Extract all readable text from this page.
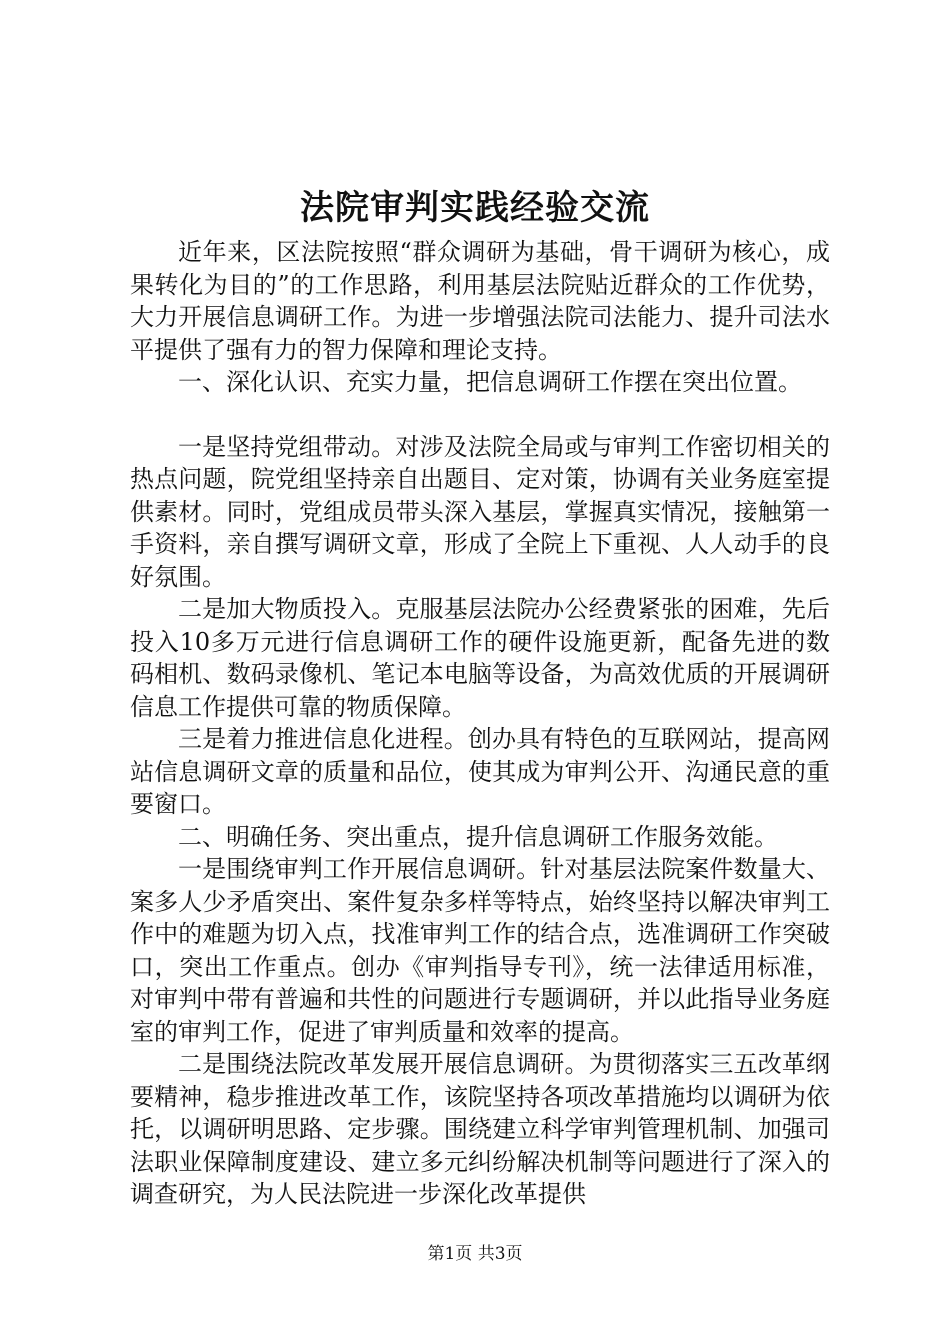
法院审判实践经验交流

近年来，区法院按照“群众调研为基础，骨干调研为核心，成果转化为目的”的工作思路，利用基层法院贴近群众的工作优势，大力开展信息调研工作。为进一步增强法院司法能力、提升司法水平提供了强有力的智力保障和理论支持。

一、深化认识、充实力量，把信息调研工作摆在突出位置。

一是坚持党组带动。对涉及法院全局或与审判工作密切相关的热点问题，院党组坚持亲自出题目、定对策，协调有关业务庭室提供素材。同时，党组成员带头深入基层，掌握真实情况，接触第一手资料，亲自撰写调研文章，形成了全院上下重视、人人动手的良好氛围。

二是加大物质投入。克服基层法院办公经费紧张的困难，先后投入10多万元进行信息调研工作的硬件设施更新，配备先进的数码相机、数码录像机、笔记本电脑等设备，为高效优质的开展调研信息工作提供可靠的物质保障。

三是着力推进信息化进程。创办具有特色的互联网站，提高网站信息调研文章的质量和品位，使其成为审判公开、沟通民意的重要窗口。

二、明确任务、突出重点，提升信息调研工作服务效能。

一是围绕审判工作开展信息调研。针对基层法院案件数量大、案多人少矛盾突出、案件复杂多样等特点，始终坚持以解决审判工作中的难题为切入点，找准审判工作的结合点，选准调研工作突破口，突出工作重点。创办《审判指导专刊》，统一法律适用标准，对审判中带有普遍和共性的问题进行专题调研，并以此指导业务庭室的审判工作，促进了审判质量和效率的提高。

二是围绕法院改革发展开展信息调研。为贯彻落实三五改革纲要精神，稳步推进改革工作，该院坚持各项改革措施均以调研为依托，以调研明思路、定步骤。围绕建立科学审判管理机制、加强司法职业保障制度建设、建立多元纠纷解决机制等问题进行了深入的调查研究，为人民法院进一步深化改革提供

第1页 共3页
